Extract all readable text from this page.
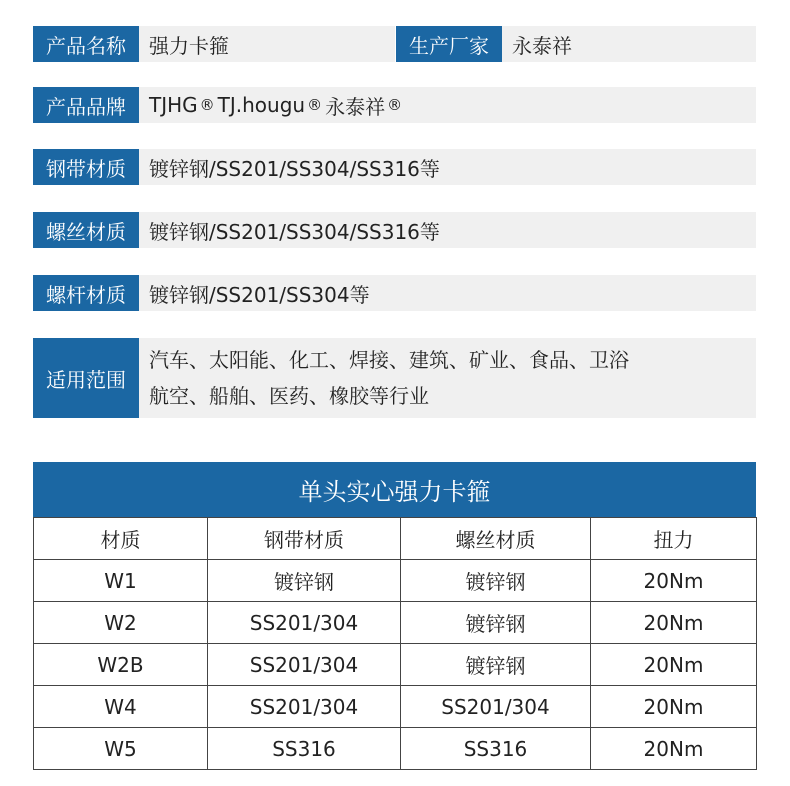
产品名称	强力卡箍	生产厂家	永泰祥
产品品牌	TJHG ® TJ.hougu ® 永泰祥 ®
钢带材质	镀锌钢/SS201/SS304/SS316等
螺丝材质	镀锌钢/SS201/SS304/SS316等
螺杆材质	镀锌钢/SS201/SS304等
适用范围
汽车、太阳能、化工、焊接、建筑、矿业、食品、卫浴
航空、船舶、医药、橡胶等行业
单头实心强力卡箍
材质	钢带材质	螺丝材质	扭力
W1	镀锌钢	镀锌钢	20Nm
W2	SS201/304	镀锌钢	20Nm
W2B	SS201/304	镀锌钢	20Nm
W4	SS201/304	SS201/304	20Nm
W5	SS316	SS316	20Nm
